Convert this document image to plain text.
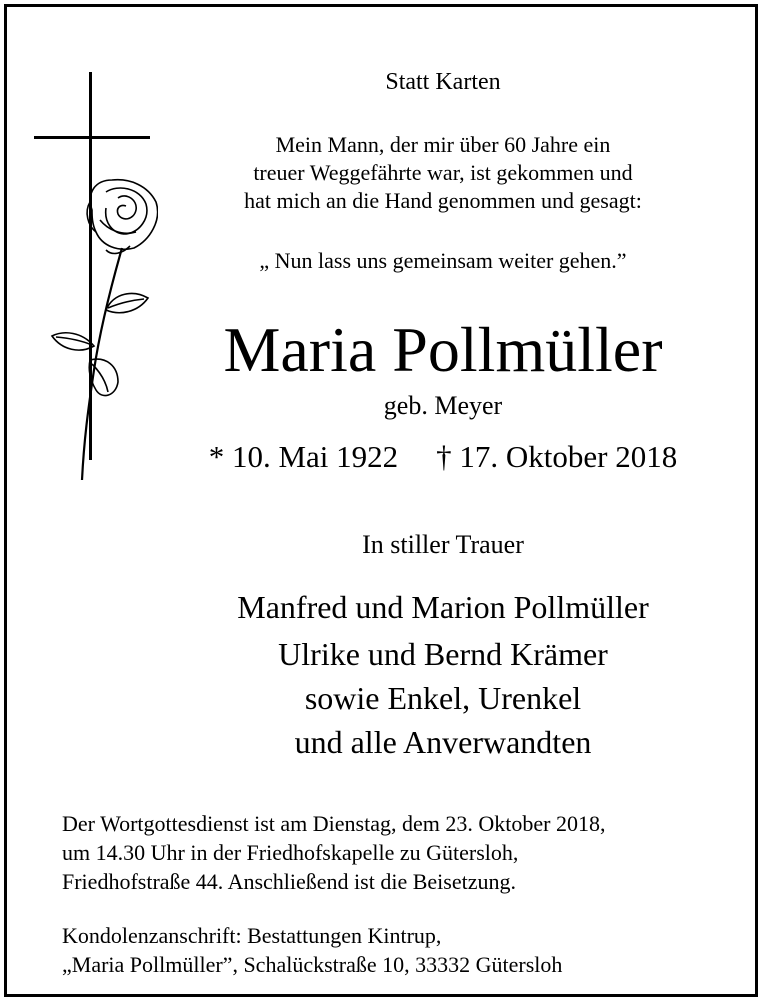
Statt Karten
Mein Mann, der mir über 60 Jahre ein
treuer Weggefährte war, ist gekommen und
hat mich an die Hand genommen und gesagt:
„ Nun lass uns gemeinsam weiter gehen.”
Maria Pollmüller
geb. Meyer
* 10. Mai 1922 † 17. Oktober 2018
In stiller Trauer
Manfred und Marion Pollmüller
Ulrike und Bernd Krämer
sowie Enkel, Urenkel
und alle Anverwandten
Der Wortgottesdienst ist am Dienstag, dem 23. Oktober 2018,
um 14.30 Uhr in der Friedhofskapelle zu Gütersloh,
Friedhofstraße 44. Anschließend ist die Beisetzung.
Kondolenzanschrift: Bestattungen Kintrup,
„Maria Pollmüller”, Schalückstraße 10, 33332 Gütersloh
